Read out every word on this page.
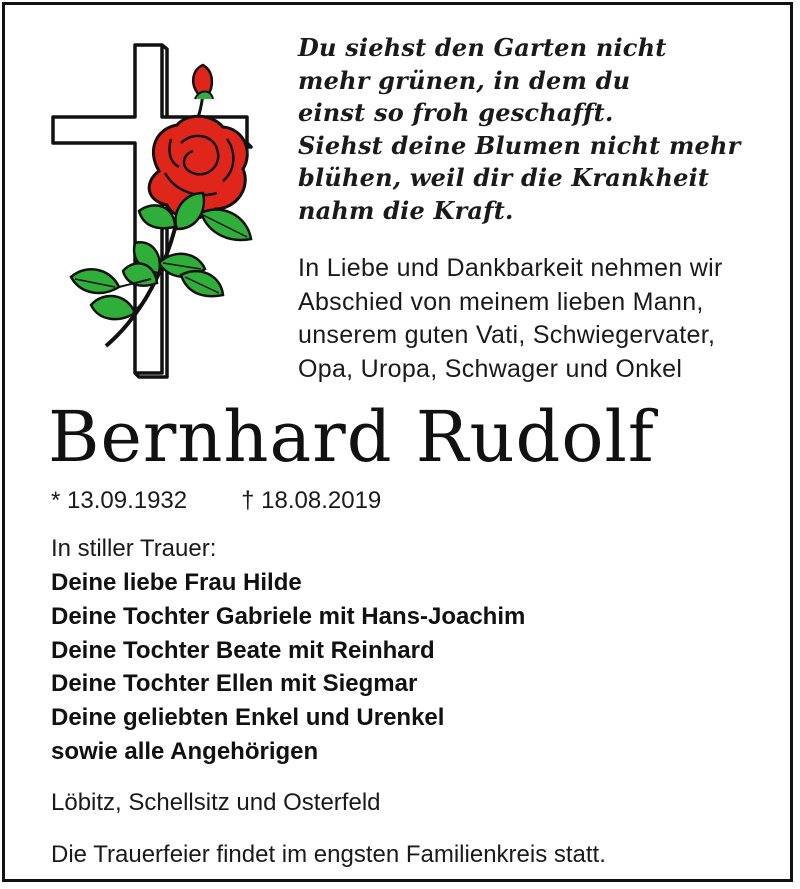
Du siehst den Garten nicht
mehr grünen, in dem du
einst so froh geschafft.
Siehst deine Blumen nicht mehr
blühen, weil dir die Krankheit
nahm die Kraft.
In Liebe und Dankbarkeit nehmen wir
Abschied von meinem lieben Mann,
unserem guten Vati, Schwiegervater,
Opa, Uropa, Schwager und Onkel
Bernhard Rudolf
* 13.09.1932 † 18.08.2019
In stiller Trauer:
Deine liebe Frau Hilde
Deine Tochter Gabriele mit Hans-Joachim
Deine Tochter Beate mit Reinhard
Deine Tochter Ellen mit Siegmar
Deine geliebten Enkel und Urenkel
sowie alle Angehörigen
Löbitz, Schellsitz und Osterfeld
Die Trauerfeier findet im engsten Familienkreis statt.
